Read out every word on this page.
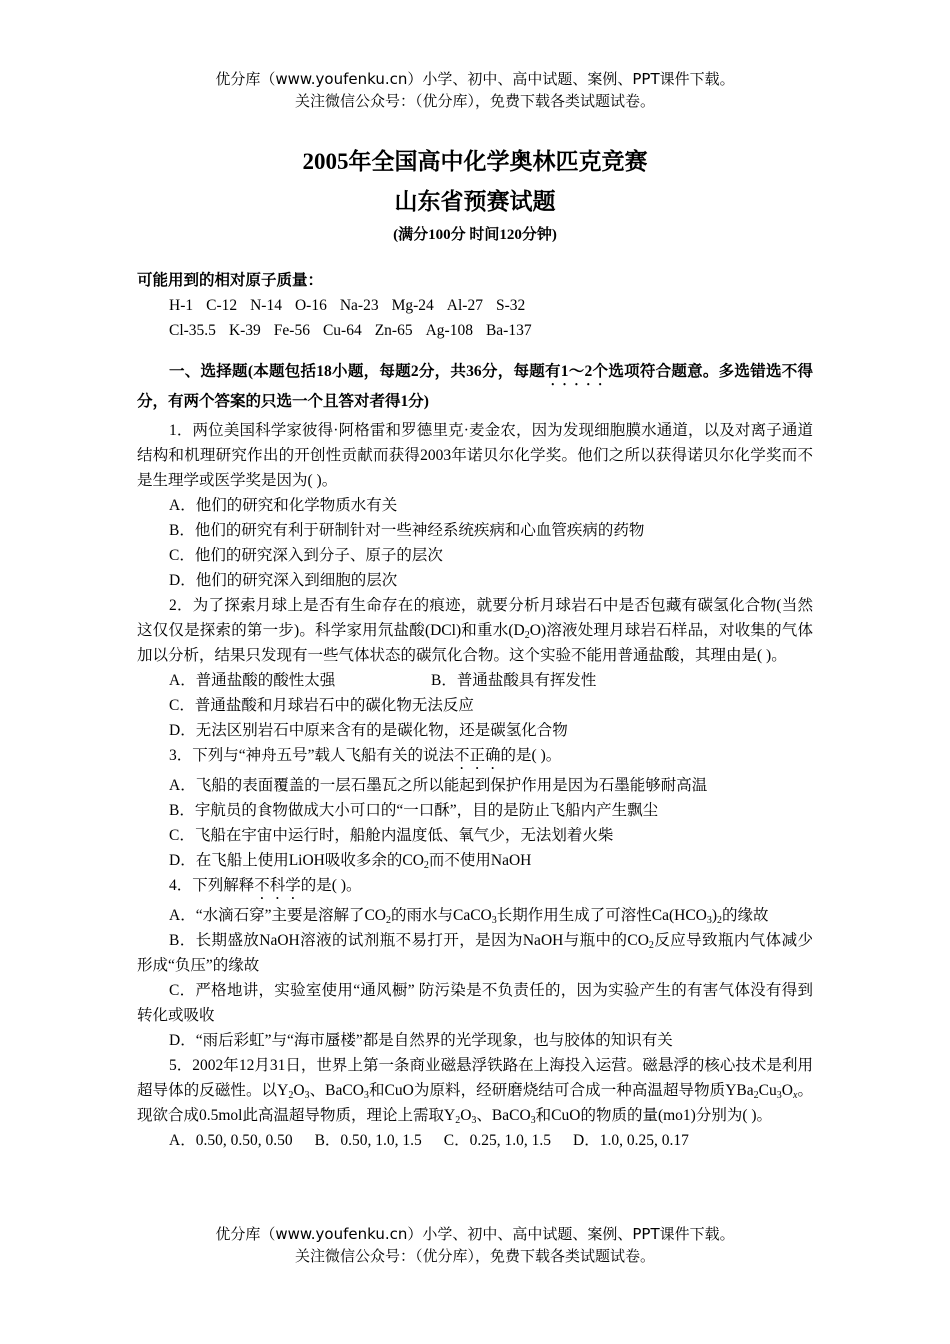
优分库（www.youfenku.cn）小学、初中、高中试题、案例、PPT课件下载。
关注微信公众号：（优分库），免费下载各类试题试卷。

2005年全国高中化学奥林匹克竞赛

山东省预赛试题

(满分100分 时间120分钟)

可能用到的相对原子质量：

H-1 C-12 N-14 O-16 Na-23 Mg-24 Al-27 S-32

Cl-35.5 K-39 Fe-56 Cu-64 Zn-65 Ag-108 Ba-137

一、选择题(本题包括18小题，每题2分，共36分，每题有1～2个选项符合题意。多选错选不得分，有两个答案的只选一个且答对者得1分)

1．两位美国科学家彼得·阿格雷和罗德里克·麦金农，因为发现细胞膜水通道，以及对离子通道结构和机理研究作出的开创性贡献而获得2003年诺贝尔化学奖。他们之所以获得诺贝尔化学奖而不是生理学或医学奖是因为( )。

A．他们的研究和化学物质水有关

B．他们的研究有利于研制针对一些神经系统疾病和心血管疾病的药物

C．他们的研究深入到分子、原子的层次

D．他们的研究深入到细胞的层次

2．为了探索月球上是否有生命存在的痕迹，就要分析月球岩石中是否包藏有碳氢化合物(当然这仅仅是探索的第一步)。科学家用氘盐酸(DCl)和重水$(D_2O)$溶液处理月球岩石样品，对收集的气体加以分析，结果只发现有一些气体状态的碳氘化合物。这个实验不能用普通盐酸，其理由是( )。

A．普通盐酸的酸性太强	B．普通盐酸具有挥发性

C．普通盐酸和月球岩石中的碳化物无法反应

D．无法区别岩石中原来含有的是碳化物，还是碳氢化合物

3．下列与“神舟五号”载人飞船有关的说法不正确的是( )。

A．飞船的表面覆盖的一层石墨瓦之所以能起到保护作用是因为石墨能够耐高温

B．宇航员的食物做成大小可口的“一口酥”，目的是防止飞船内产生飘尘

C．飞船在宇宙中运行时，船舱内温度低、氧气少，无法划着火柴

D．在飞船上使用LiOH吸收多余的$CO_2$而不使用NaOH

4．下列解释不科学的是( )。

A．“水滴石穿”主要是溶解了$CO_2$的雨水与CaCO$_3$长期作用生成了可溶性$Ca(HCO_3)_2$的缘故

B．长期盛放NaOH溶液的试剂瓶不易打开，是因为NaOH与瓶中的$CO_2$反应导致瓶内气体减少形成“负压”的缘故

C．严格地讲，实验室使用“通风橱” 防污染是不负责任的，因为实验产生的有害气体没有得到转化或吸收

D．“雨后彩虹”与“海市蜃楼”都是自然界的光学现象，也与胶体的知识有关

5．2002年12月31日，世界上第一条商业磁悬浮铁路在上海投入运营。磁悬浮的核心技术是利用超导体的反磁性。以$Y_2O_3$、BaCO$_3$和CuO为原料，经研磨烧结可合成一种高温超导物质$YBa_2Cu_3O_x$。现欲合成0.5mol此高温超导物质，理论上需取$Y_2O_3$、BaCO$_3$和CuO的物质的量(mo1)分别为( )。

A．0.50, 0.50, 0.50 B．0.50, 1.0, 1.5 C．0.25, 1.0, 1.5 D．1.0, 0.25, 0.17

优分库（www.youfenku.cn）小学、初中、高中试题、案例、PPT课件下载。
关注微信公众号：（优分库），免费下载各类试题试卷。
